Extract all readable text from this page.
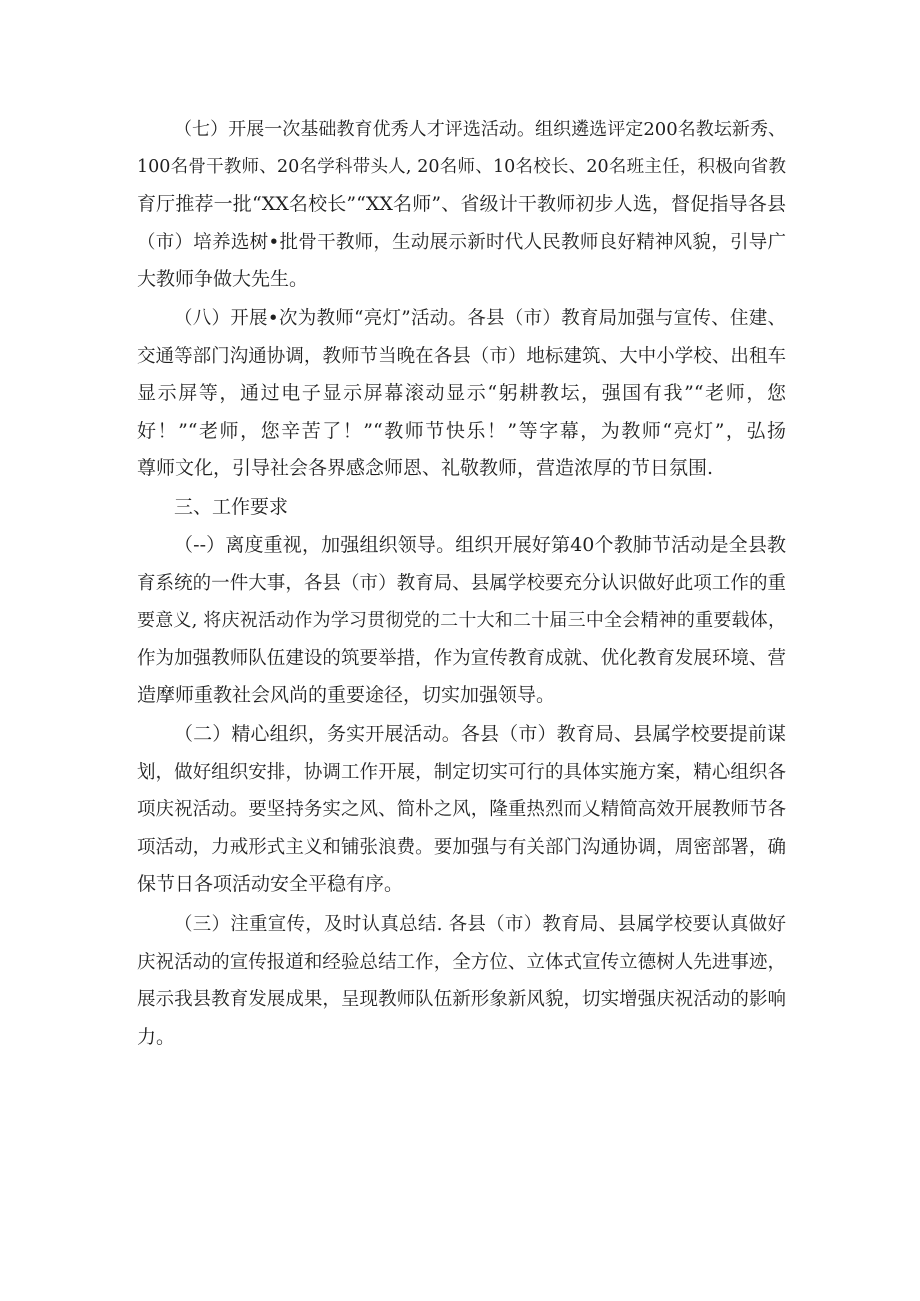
（七）开展一次基础教育优秀人才评选活动。组织遴选评定200名教坛新秀、
100名骨干教师、20名学科带头人, 20名师、10名校长、20名班主任，积极向省教
育厅推荐一批“XX名校长”“XX名师”、省级计干教师初步人选，督促指导各县
（市）培养选树•批骨干教师，生动展示新时代人民教师良好精神风貌，引导广
大教师争做大先生。
（八）开展•次为教师“亮灯”活动。各县（市）教育局加强与宣传、住建、
交通等部门沟通协调，教师节当晚在各县（市）地标建筑、大中小学校、出租车
显示屏等，通过电子显示屏幕滚动显示“躬耕教坛，强国有我”“老师，您
好！”“老师，您辛苦了！”“教师节快乐！”等字幕，为教师“亮灯”，弘扬
尊师文化，引导社会各界感念师恩、礼敬教师，营造浓厚的节日氛围.
三、工作要求
（--）离度重视，加强组织领导。组织开展好第40个教肺节活动是全县教
育系统的一件大事，各县（市）教育局、县属学校要充分认识做好此项工作的重
要意义, 将庆祝活动作为学习贯彻党的二十大和二十届三中全会精神的重要载体，
作为加强教师队伍建设的筑要举措，作为宣传教育成就、优化教育发展环境、营
造摩师重教社会风尚的重要途径，切实加强领导。
（二）精心组织，务实开展活动。各县（市）教育局、县属学校要提前谋
划，做好组织安排，协调工作开展，制定切实可行的具体实施方案，精心组织各
项庆祝活动。要坚持务实之风、简朴之风，隆重热烈而乂精简高效开展教师节各
项活动，力戒形式主义和铺张浪费。要加强与有关部门沟通协调，周密部署，确
保节日各项活动安全平稳有序。
（三）注重宣传，及时认真总结. 各县（市）教育局、县属学校要认真做好
庆祝活动的宣传报道和经验总结工作，全方位、立体式宣传立德树人先进事迹，
展示我县教育发展成果，呈现教师队伍新形象新风貌，切实增强庆祝活动的影响
力。
